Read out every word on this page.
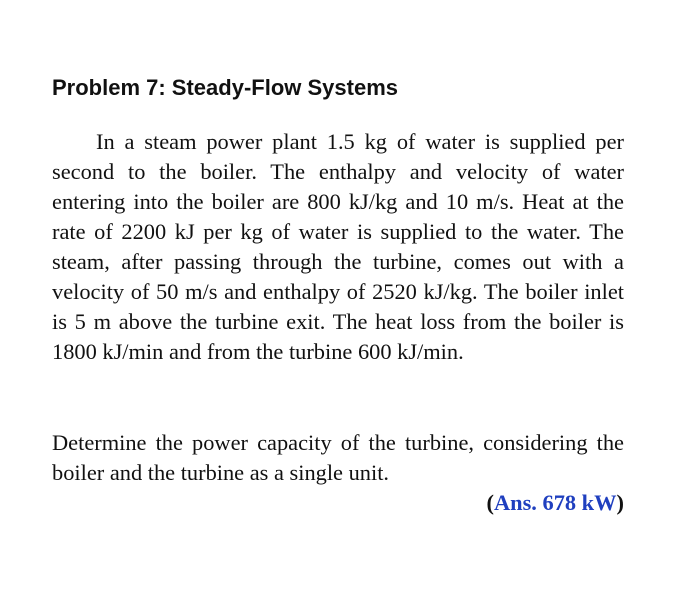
Problem 7: Steady-Flow Systems

In a steam power plant 1.5 kg of water is supplied per second to the boiler. The enthalpy and velocity of water entering into the boiler are 800 kJ/kg and 10 m/s. Heat at the rate of 2200 kJ per kg of water is supplied to the water. The steam, after passing through the turbine, comes out with a velocity of 50 m/s and enthalpy of 2520 kJ/kg. The boiler inlet is 5 m above the turbine exit. The heat loss from the boiler is 1800 kJ/min and from the turbine 600 kJ/min.

Determine the power capacity of the turbine, considering the boiler and the turbine as a single unit.

(Ans. 678 kW)
